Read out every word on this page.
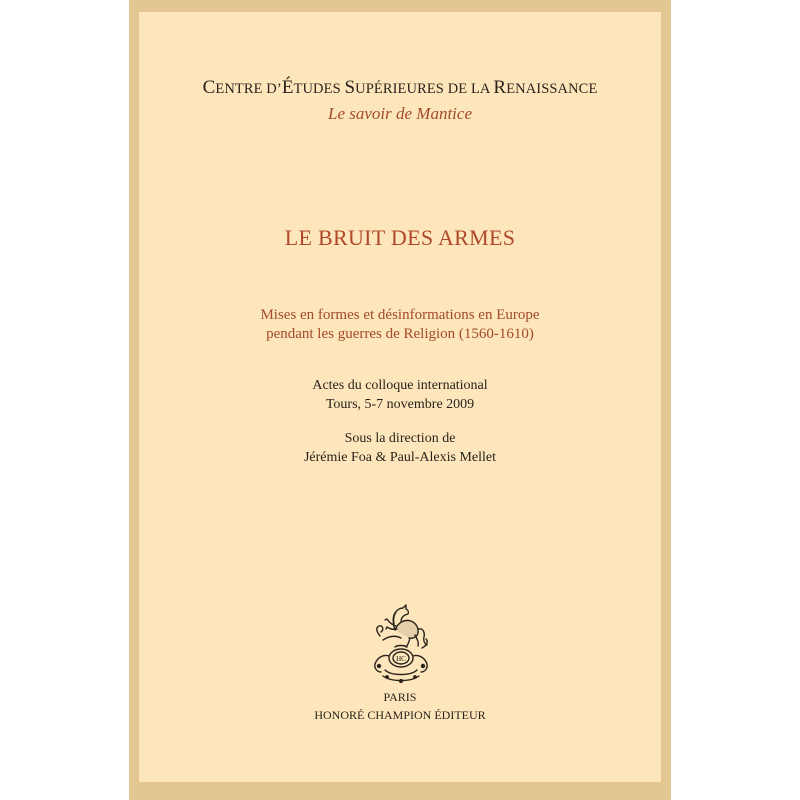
CENTRE D’ÉTUDES SUPÉRIEURES DE LA RENAISSANCE
Le savoir de Mantice
LE BRUIT DES ARMES
Mises en formes et désinformations en Europe
pendant les guerres de Religion (1560-1610)
Actes du colloque international
Tours, 5-7 novembre 2009
Sous la direction de
Jérémie Foa & Paul-Alexis Mellet
HC
PARIS
HONORÉ CHAMPION ÉDITEUR
